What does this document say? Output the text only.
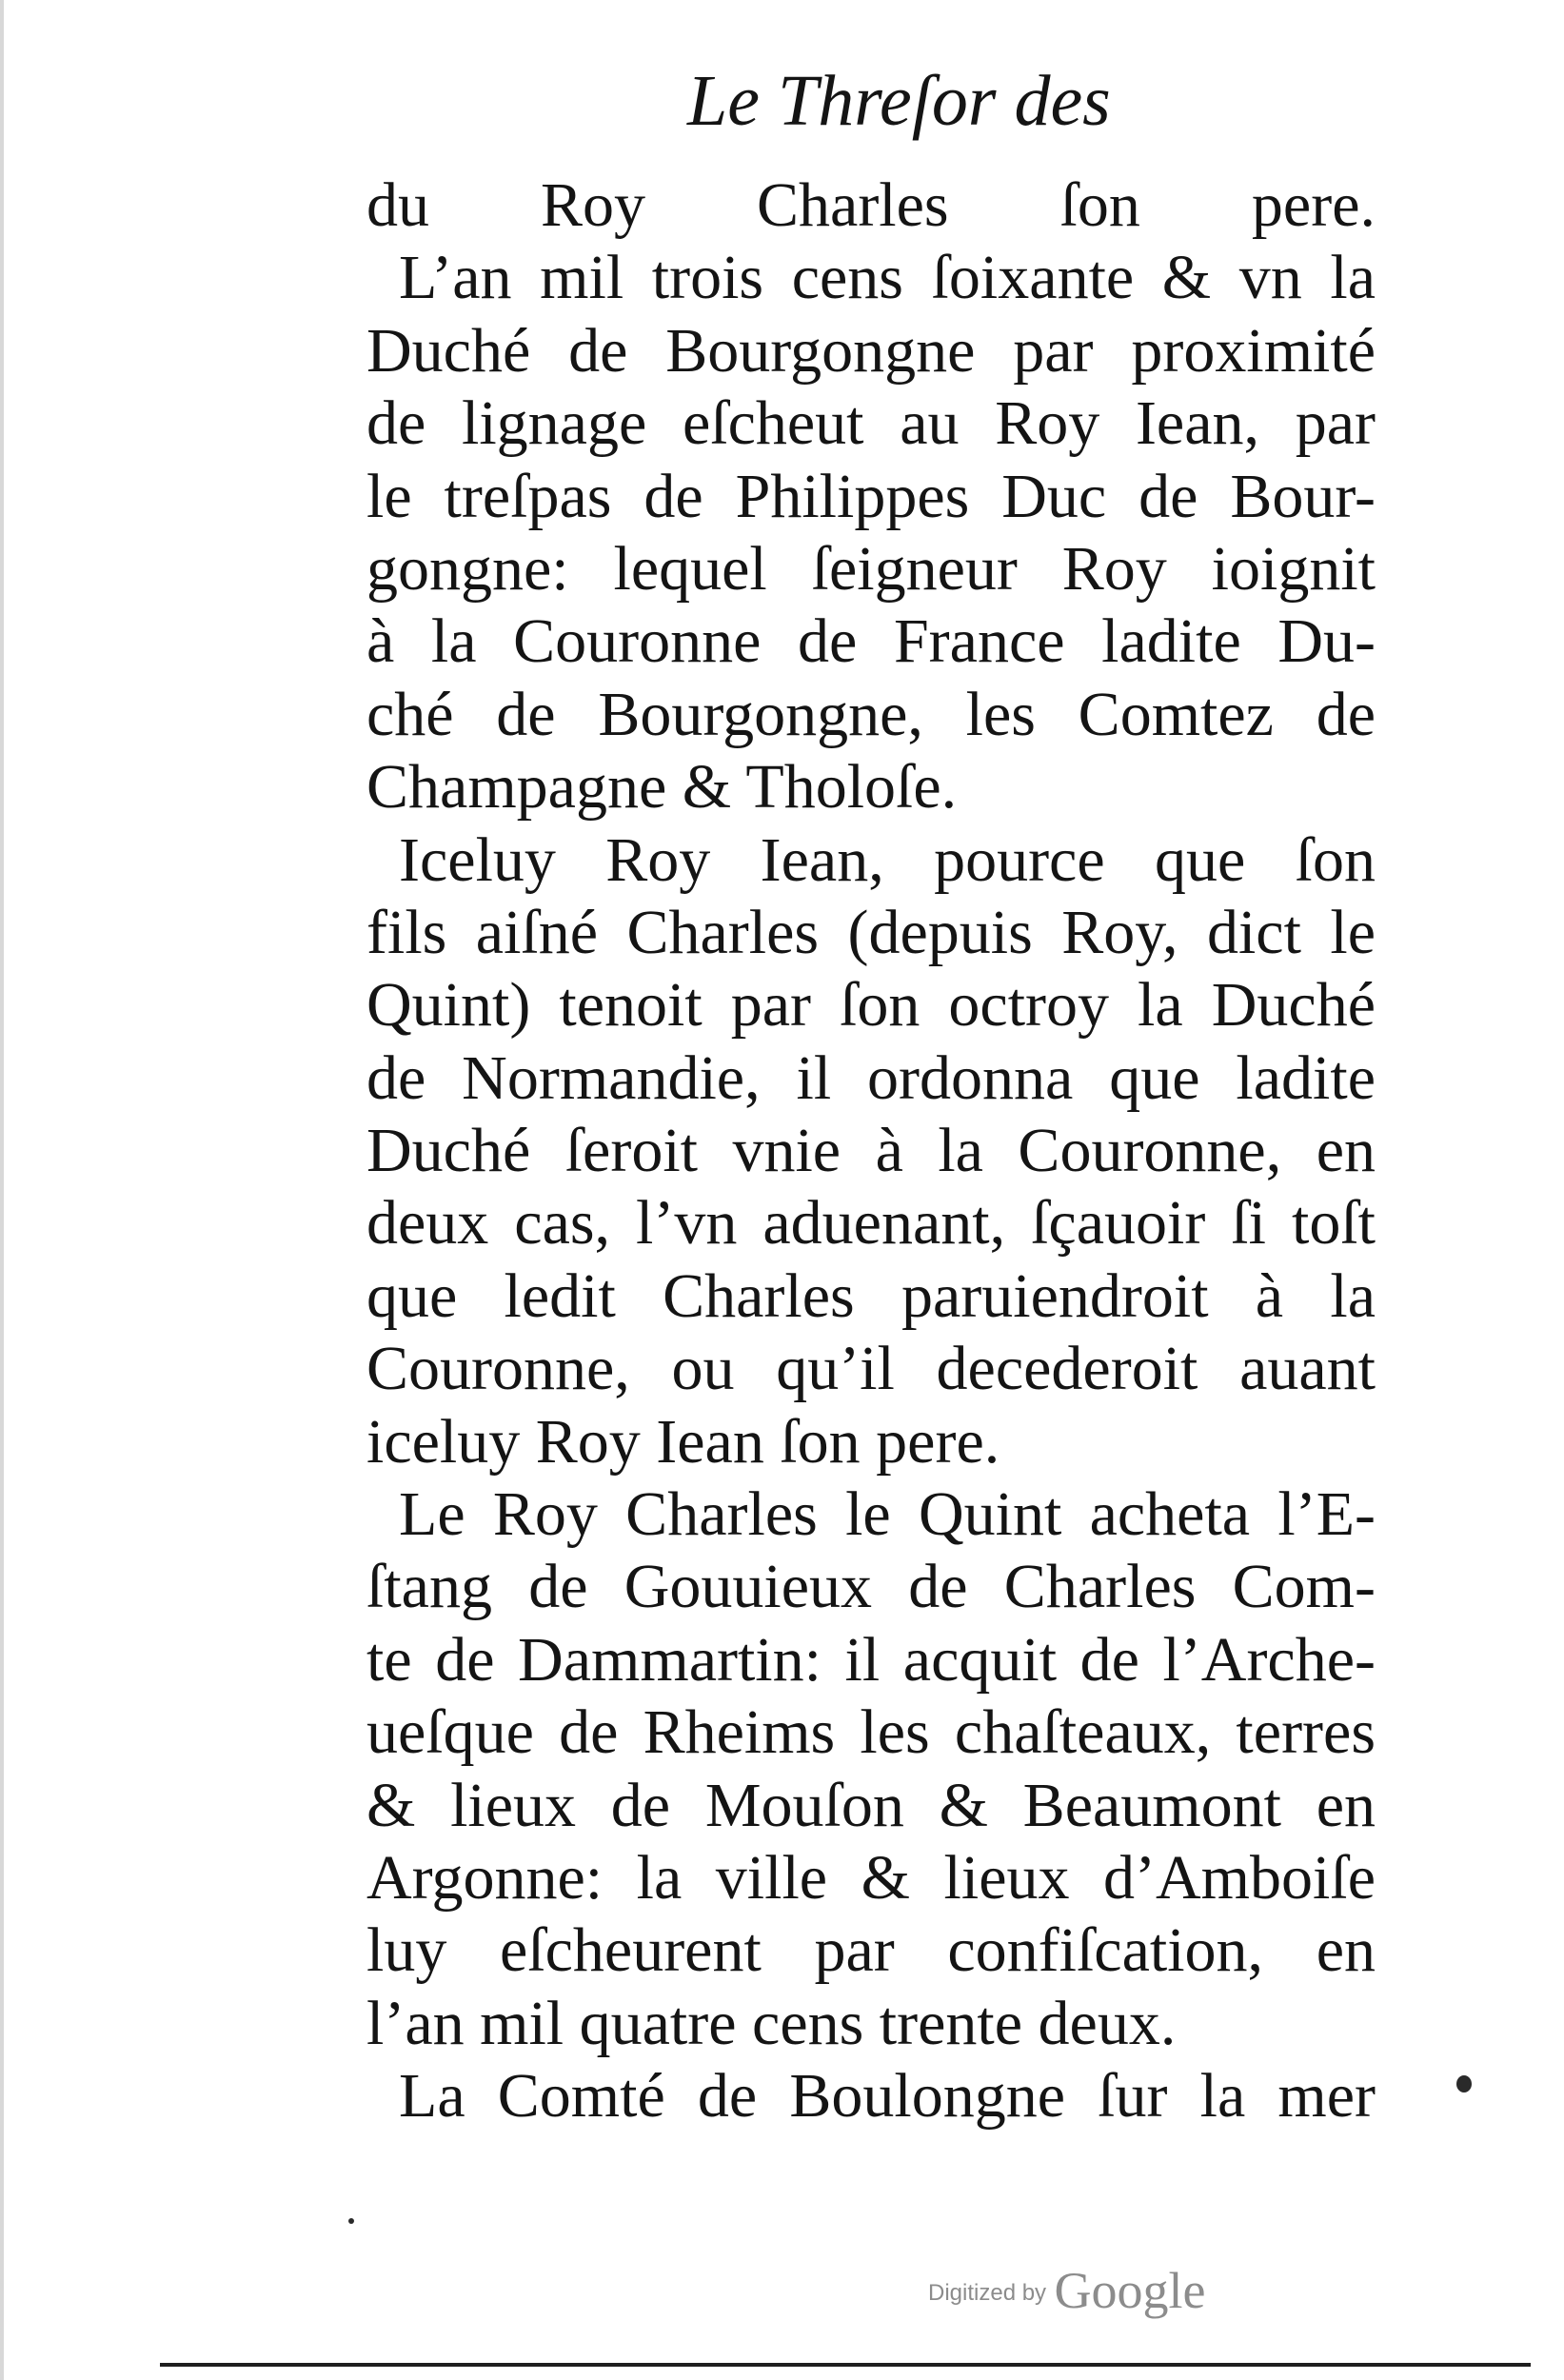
Le Threſor des
du Roy Charles ſon pere.
L’an mil trois cens ſoixante & vn la
Duché de Bourgongne par proximité
de lignage eſcheut au Roy Iean, par
le treſpas de Philippes Duc de Bour-
gongne: lequel ſeigneur Roy ioignit
à la Couronne de France ladite Du-
ché de Bourgongne, les Comtez de
Champagne & Tholoſe.
Iceluy Roy Iean, pource que ſon
fils aiſné Charles (depuis Roy, dict le
Quint) tenoit par ſon octroy la Duché
de Normandie, il ordonna que ladite
Duché ſeroit vnie à la Couronne, en
deux cas, l’vn aduenant, ſçauoir ſi toſt
que ledit Charles paruiendroit à la
Couronne, ou qu’il decederoit auant
iceluy Roy Iean ſon pere.
Le Roy Charles le Quint acheta l’E-
ſtang de Gouuieux de Charles Com-
te de Dammartin: il acquit de l’Arche-
ueſque de Rheims les chaſteaux, terres
& lieux de Mouſon & Beaumont en
Argonne: la ville & lieux d’Amboiſe
luy eſcheurent par confiſcation, en
l’an mil quatre cens trente deux.
La Comté de Boulongne ſur la mer
Digitized by Google
